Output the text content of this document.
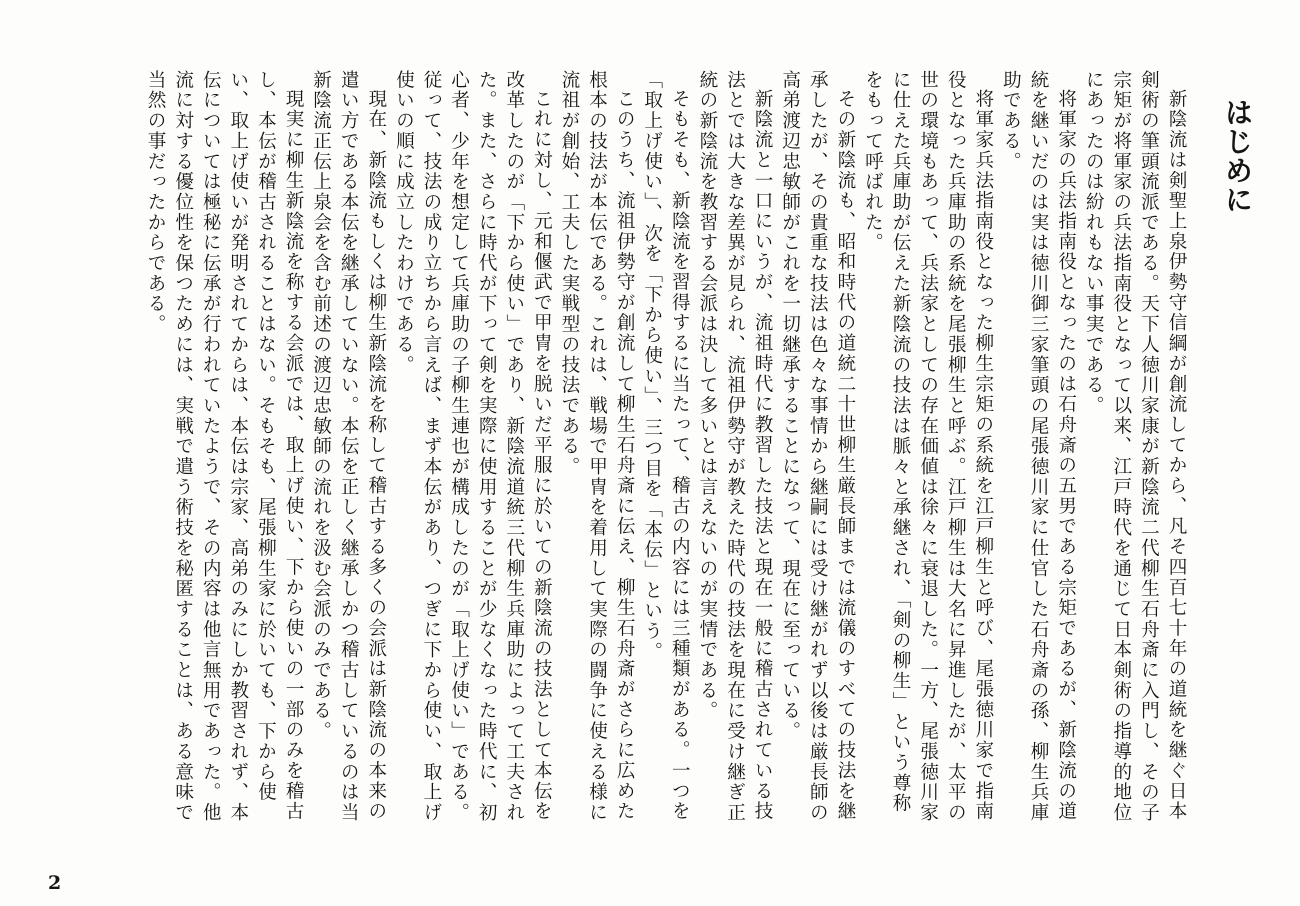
はじめに

新陰流は剣聖上泉伊勢守信綱が創流してから、凡そ四百七十年の道統を継ぐ日本剣術の筆頭流派である。天下人徳川家康が新陰流二代柳生石舟斎に入門し、その子宗矩が将軍家の兵法指南役となって以来、江戸時代を通じて日本剣術の指導的地位にあったのは紛れもない事実である。

将軍家の兵法指南役となったのは石舟斎の五男である宗矩であるが、新陰流の道統を継いだのは実は徳川御三家筆頭の尾張徳川家に仕官した石舟斎の孫、柳生兵庫助である。

将軍家兵法指南役となった柳生宗矩の系統を江戸柳生と呼び、尾張徳川家で指南役となった兵庫助の系統を尾張柳生と呼ぶ。江戸柳生は大名に昇進したが、太平の世の環境もあって、兵法家としての存在価値は徐々に衰退した。一方、尾張徳川家に仕えた兵庫助が伝えた新陰流の技法は脈々と承継され、「剣の柳生」という尊称をもって呼ばれた。

その新陰流も、昭和時代の道統二十世柳生厳長師までは流儀のすべての技法を継承したが、その貴重な技法は色々な事情から継嗣には受け継がれず以後は厳長師の高弟渡辺忠敏師がこれを一切継承することになって、現在に至っている。

新陰流と一口にいうが、流祖時代に教習した技法と現在一般に稽古されている技法とでは大きな差異が見られ、流祖伊勢守が教えた時代の技法を現在に受け継ぎ正統の新陰流を教習する会派は決して多いとは言えないのが実情である。

そもそも、新陰流を習得するに当たって、稽古の内容には三種類がある。一つを「取上げ使い」、次を「下から使い」、三つ目を「本伝」という。

このうち、流祖伊勢守が創流して柳生石舟斎に伝え、柳生石舟斎がさらに広めた根本の技法が本伝である。これは、戦場で甲冑を着用して実際の闘争に使える様に流祖が創始、工夫した実戦型の技法である。

これに対し、元和偃武で甲冑を脱いだ平服に於いての新陰流の技法として本伝を改革したのが「下から使い」であり、新陰流道統三代柳生兵庫助によって工夫された。また、さらに時代が下って剣を実際に使用することが少なくなった時代に、初心者、少年を想定して兵庫助の子柳生連也が構成したのが「取上げ使い」である。従って、技法の成り立ちから言えば、まず本伝があり、つぎに下から使い、取上げ使いの順に成立したわけである。

現在、新陰流もしくは柳生新陰流を称して稽古する多くの会派は新陰流の本来の遣い方である本伝を継承していない。本伝を正しく継承しかつ稽古しているのは当新陰流正伝上泉会を含む前述の渡辺忠敏師の流れを汲む会派のみである。

現実に柳生新陰流を称する会派では、取上げ使い、下から使いの一部のみを稽古し、本伝が稽古されることはない。そもそも、尾張柳生家に於いても、下から使い、取上げ使いが発明されてからは、本伝は宗家、高弟のみにしか教習されず、本伝については極秘に伝承が行われていたようで、その内容は他言無用であった。他流に対する優位性を保つためには、実戦で遣う術技を秘匿することは、ある意味で当然の事だったからである。

2
